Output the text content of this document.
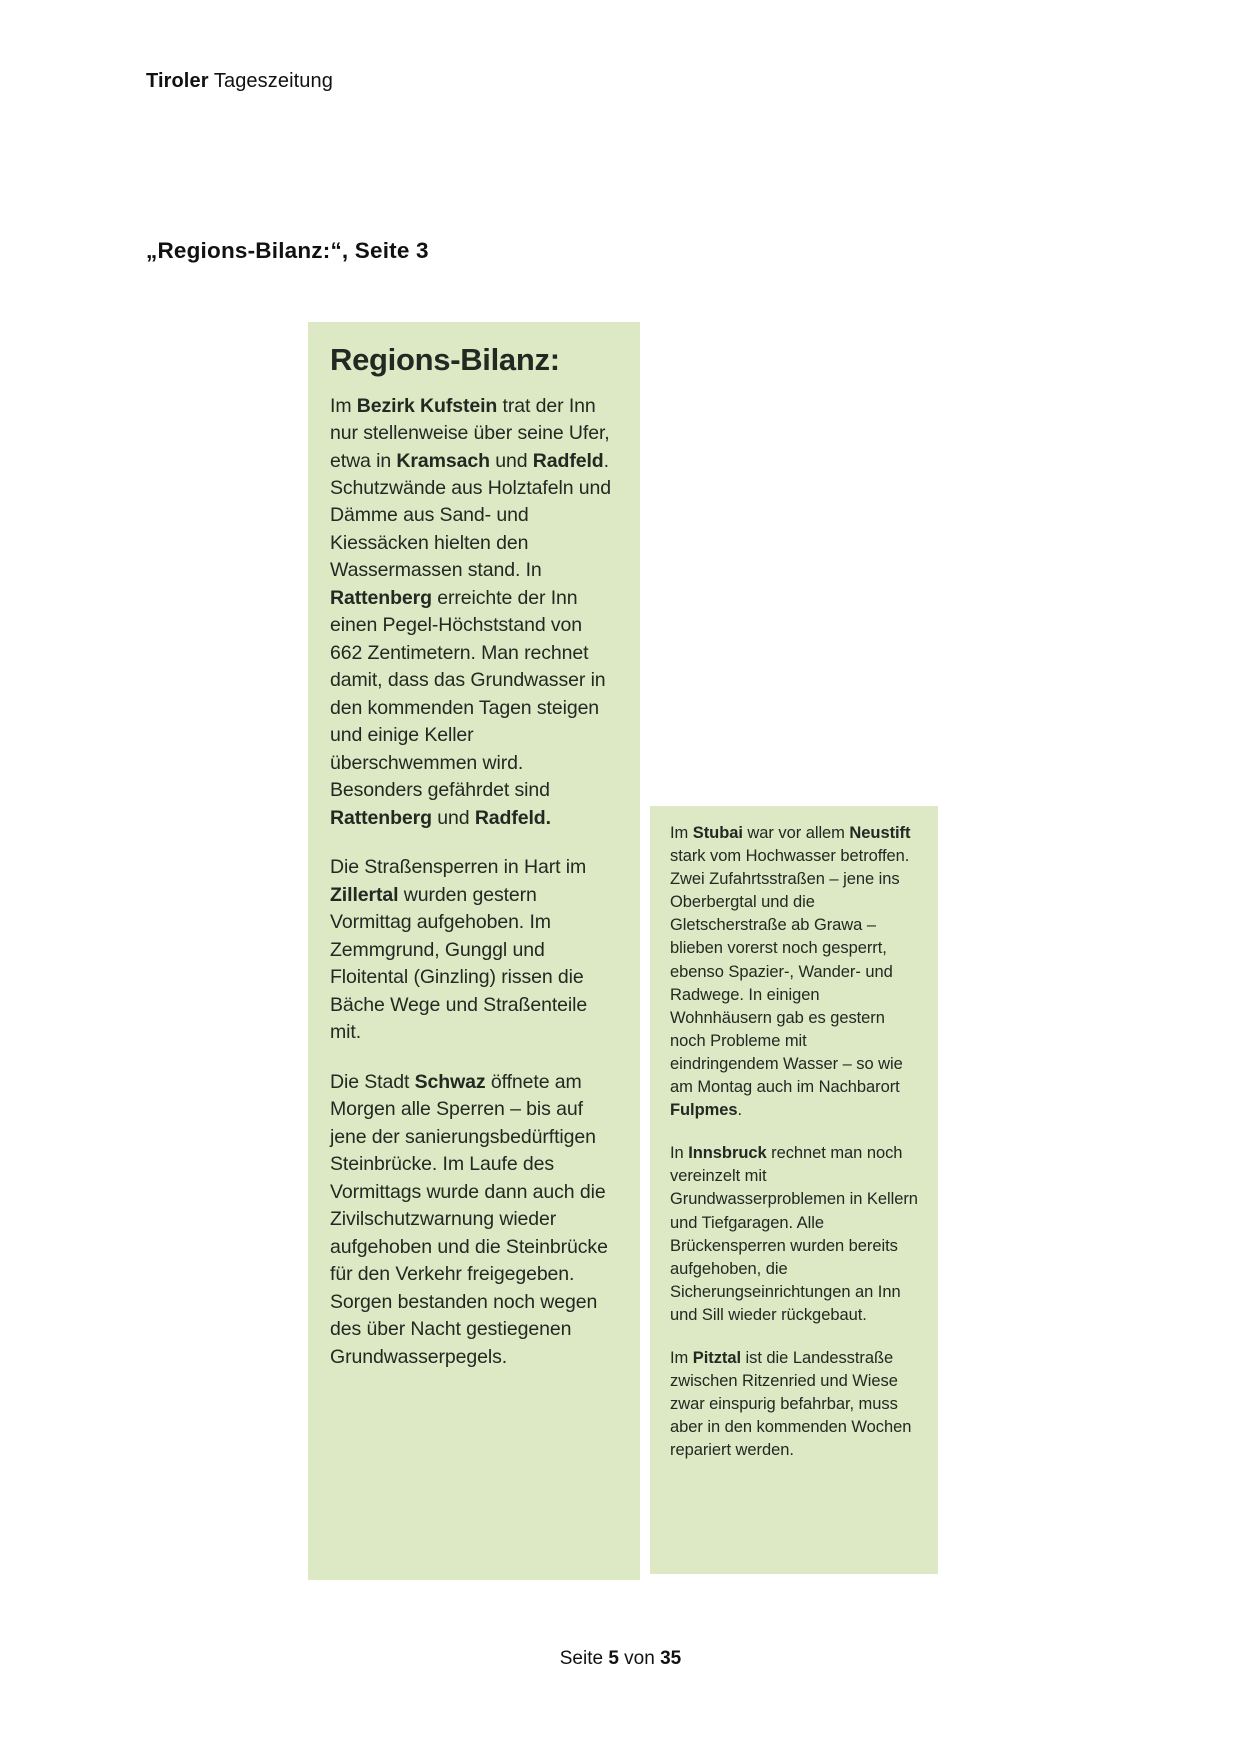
Tiroler Tageszeitung
„Regions-Bilanz:“, Seite 3
Regions-Bilanz:

Im Bezirk Kufstein trat der Inn nur stellenweise über seine Ufer, etwa in Kramsach und Radfeld. Schutzwände aus Holztafeln und Dämme aus Sand- und Kiessäcken hielten den Wassermassen stand. In Rattenberg erreichte der Inn einen Pegel-Höchststand von 662 Zentimetern. Man rechnet damit, dass das Grundwasser in den kommenden Tagen steigen und einige Keller überschwemmen wird. Besonders gefährdet sind Rattenberg und Radfeld.

Die Straßensperren in Hart im Zillertal wurden gestern Vormittag aufgehoben. Im Zemmgrund, Gunggl und Floitental (Ginzling) rissen die Bäche Wege und Straßenteile mit.

Die Stadt Schwaz öffnete am Morgen alle Sperren – bis auf jene der sanierungsbedürftigen Steinbrücke. Im Laufe des Vormittags wurde dann auch die Zivilschutzwarnung wieder aufgehoben und die Steinbrücke für den Verkehr freigegeben. Sorgen bestanden noch wegen des über Nacht gestiegenen Grundwasserpegels.

Im Stubai war vor allem Neustift stark vom Hochwasser betroffen. Zwei Zufahrtsstraßen – jene ins Oberbergtal und die Gletscherstraße ab Grawa – blieben vorerst noch gesperrt, ebenso Spazier-, Wander- und Radwege. In einigen Wohnhäusern gab es gestern noch Probleme mit eindringendem Wasser – so wie am Montag auch im Nachbarort Fulpmes.

In Innsbruck rechnet man noch vereinzelt mit Grundwasserproblemen in Kellern und Tiefgaragen. Alle Brückensperren wurden bereits aufgehoben, die Sicherungseinrichtungen an Inn und Sill wieder rückgebaut.

Im Pitztal ist die Landesstraße zwischen Ritzenried und Wiese zwar einspurig befahrbar, muss aber in den kommenden Wochen repariert werden.

Seite 5 von 35
